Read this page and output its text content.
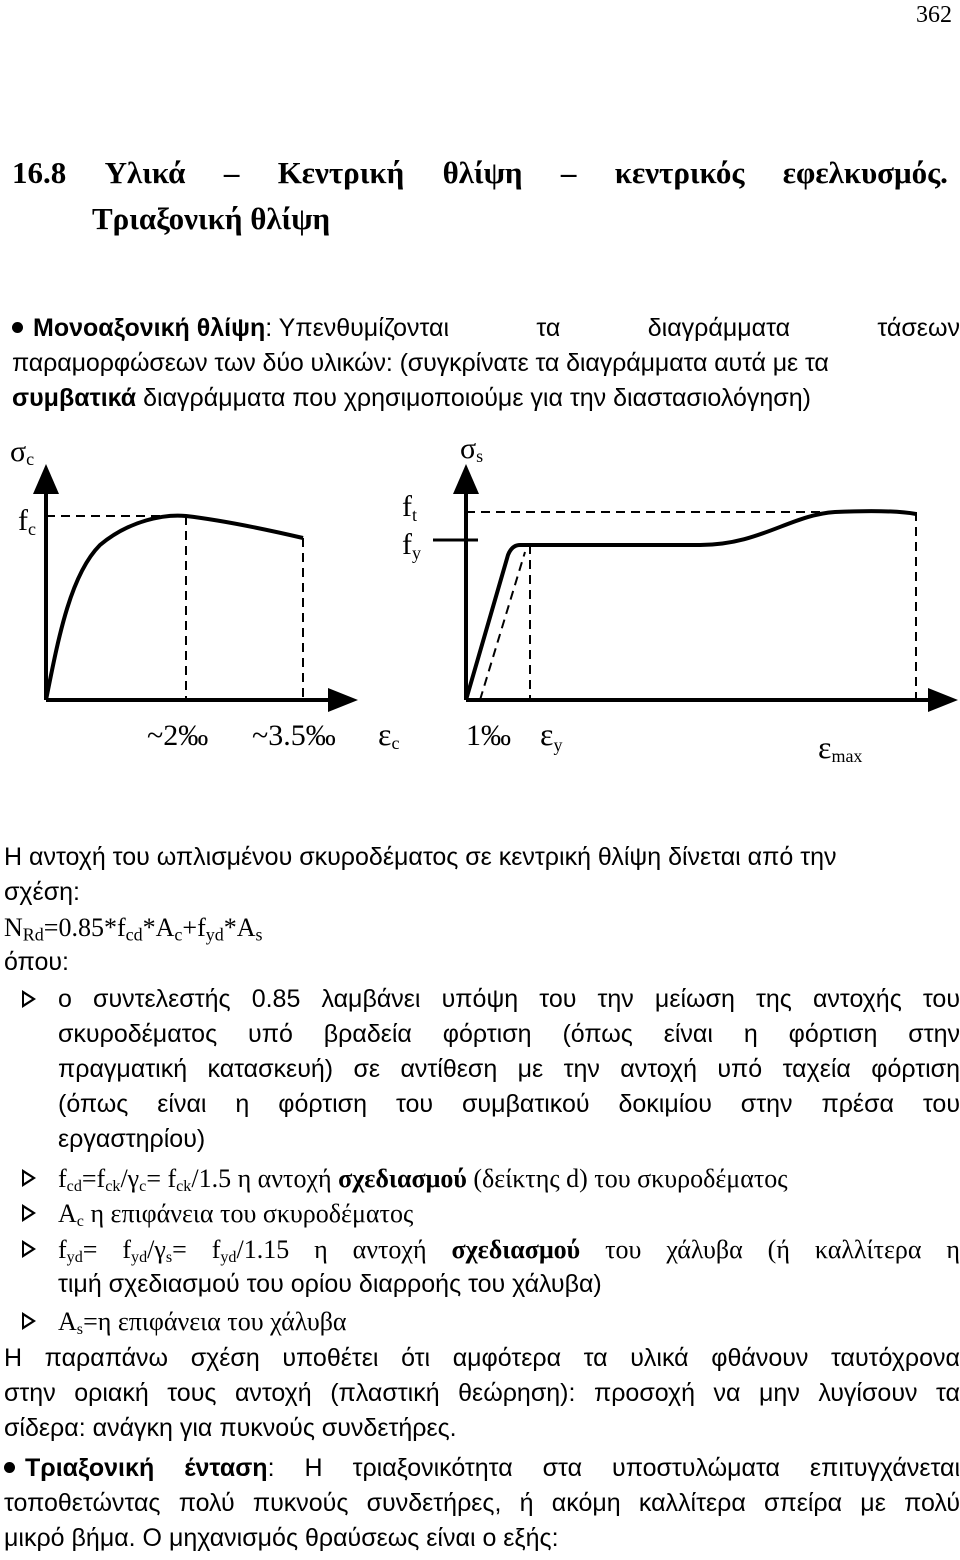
362
16.8 Υλικά – Κεντρική θλίψη – κεντρικός εφελκυσμός.
Τριαξονική θλίψη
Μονοαξονική θλίψη: Υπενθυμίζονται	τα	διαγράμματα	τάσεων
παραμορφώσεων των δύο υλικών: (συγκρίνατε τα διαγράμματα αυτά με τα
συμβατικά διαγράμματα που χρησιμοποιούμε για την διαστασιολόγηση)
σc
fc
σs
ft
fy
~2‰ ~3.5‰ εc 1‰ εy	εmax
Η αντοχή του ωπλισμένου σκυροδέματος σε κεντρική θλίψη δίνεται από την
σχέση:
$N_{Rd}=0.85*f_{cd}*A_c+f_{yd}*A_s$
όπου:
ο συντελεστής 0.85 λαμβάνει υπόψη του την μείωση της αντοχής του
σκυροδέματος υπό βραδεία φόρτιση (όπως είναι η φόρτιση στην
πραγματική κατασκευή) σε αντίθεση με την αντοχή υπό ταχεία φόρτιση
(όπως είναι η φόρτιση του συμβατικού δοκιμίου στην πρέσα του
εργαστηρίου)
$f_{cd}=f_{ck}/\gamma_c= f_{ck}/1.5$ η αντοχή σχεδιασμού (δείκτης d) του σκυροδέματος
$A_c$ η επιφάνεια του σκυροδέματος
$f_{yd}= f_{yd}/\gamma_s= f_{yd}/1.15$ η αντοχή σχεδιασμού του χάλυβα (ή καλλίτερα η
τιμή σχεδιασμού του ορίου διαρροής του χάλυβα)
$A_s=\eta$ επιφάνεια του χάλυβα
Η παραπάνω σχέση υποθέτει ότι αμφότερα τα υλικά φθάνουν ταυτόχρονα
στην οριακή τους αντοχή (πλαστική θεώρηση): προσοχή να μην λυγίσουν τα
σίδερα: ανάγκη για πυκνούς συνδετήρες.
Τριαξονική ένταση: Η τριαξονικότητα στα υποστυλώματα επιτυγχάνεται
τοποθετώντας πολύ πυκνούς συνδετήρες, ή ακόμη καλλίτερα σπείρα με πολύ
μικρό βήμα. Ο μηχανισμός θραύσεως είναι ο εξής:
